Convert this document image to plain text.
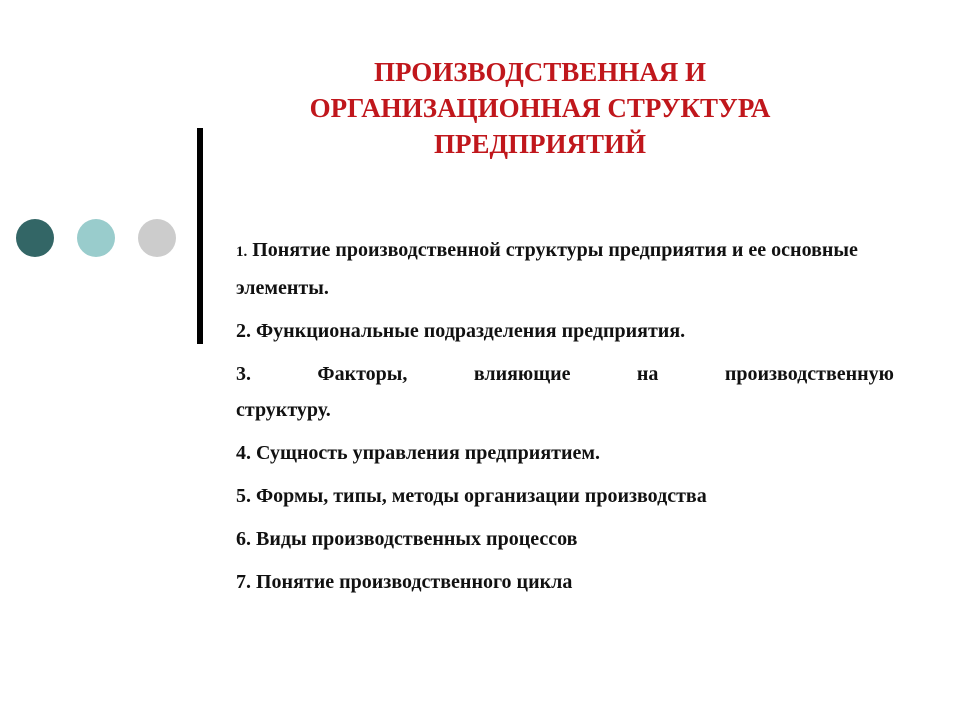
ПРОИЗВОДСТВЕННАЯ И
ОРГАНИЗАЦИОННАЯ СТРУКТУРА
ПРЕДПРИЯТИЙ
1. Понятие производственной структуры предприятия и ее основные элементы.
2. Функциональные подразделения предприятия.
3.	Факторы,	влияющие	на	производственную
структуру.
4. Сущность управления предприятием.
5. Формы, типы, методы организации производства
6. Виды производственных процессов
7. Понятие производственного цикла
